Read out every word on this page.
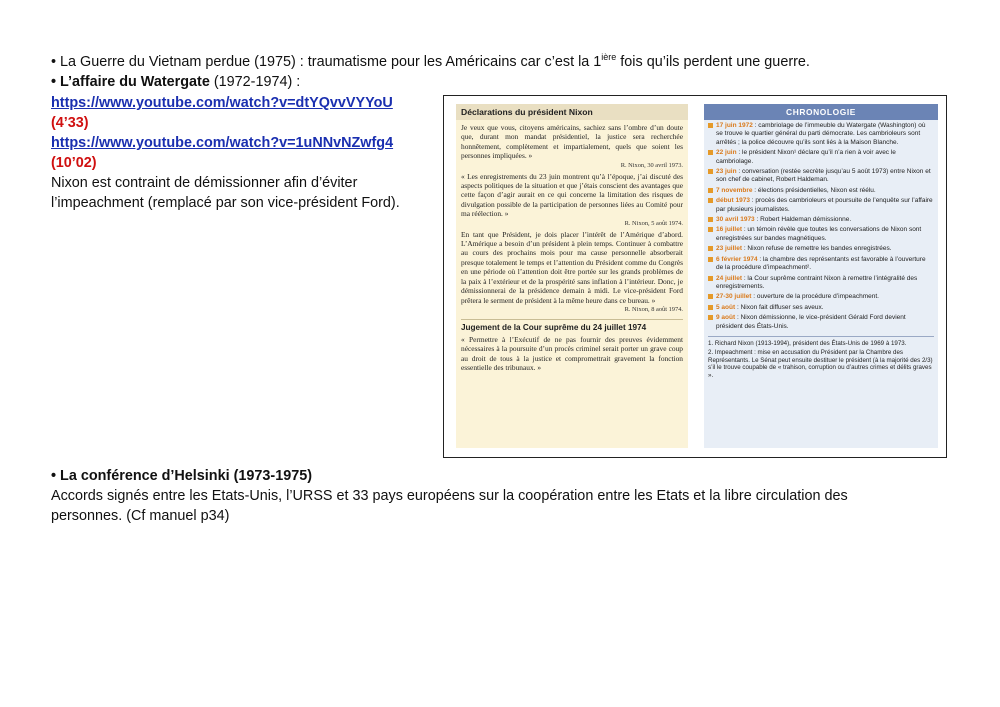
• La Guerre du Vietnam perdue (1975) : traumatisme pour les Américains car c’est la $1^{ière}$ fois qu’ils perdent une guerre.
• L’affaire du Watergate (1972-1974) :
https://www.youtube.com/watch?v=dtYQvvVYYoU
(4’33)
https://www.youtube.com/watch?v=1uNNvNZwfg4
(10’02)
Nixon est contraint de démissionner afin d’éviter
l’impeachment (remplacé par son vice-président Ford).
Déclarations du président Nixon
Je veux que vous, citoyens américains, sachiez sans l’ombre d’un doute que, durant mon mandat présidentiel, la justice sera recherchée honnêtement, complètement et impartialement, quels que soient les personnes impliquées. »
R. Nixon, 30 avril 1973.
« Les enregistrements du 23 juin montrent qu’à l’époque, j’ai discuté des aspects politiques de la situation et que j’étais conscient des avantages que cette façon d’agir aurait en ce qui concerne la limitation des risques de divulgation possible de la participation de personnes liées au Comité pour ma réélection. »
R. Nixon, 5 août 1974.
En tant que Président, je dois placer l’intérêt de l’Amérique d’abord. L’Amérique a besoin d’un président à plein temps. Continuer à combattre au cours des prochains mois pour ma cause personnelle absorberait presque totalement le temps et l’attention du Président comme du Congrès en une période où l’attention doit être portée sur les grands problèmes de la paix à l’extérieur et de la prospérité sans inflation à l’intérieur. Donc, je démissionnerai de la présidence demain à midi. Le vice-président Ford prêtera le serment de président à la même heure dans ce bureau. »
R. Nixon, 8 août 1974.
Jugement de la Cour suprême du 24 juillet 1974
« Permettre à l’Exécutif de ne pas fournir des preuves évidemment nécessaires à la poursuite d’un procès criminel serait porter un grave coup au droit de tous à la justice et compromettrait gravement la fonction essentielle des tribunaux. »
CHRONOLOGIE
17 juin 1972 : cambriolage de l’immeuble du Watergate (Washington) où se trouve le quartier général du parti démocrate. Les cambrioleurs sont arrêtés ; la police découvre qu’ils sont liés à la Maison Blanche.
22 juin : le président Nixon¹ déclare qu’il n’a rien à voir avec le cambriolage.
23 juin : conversation (restée secrète jusqu’au 5 août 1973) entre Nixon et son chef de cabinet, Robert Haldeman.
7 novembre : élections présidentielles, Nixon est réélu.
début 1973 : procès des cambrioleurs et poursuite de l’enquête sur l’affaire par plusieurs journalistes.
30 avril 1973 : Robert Haldeman démissionne.
16 juillet : un témoin révèle que toutes les conversations de Nixon sont enregistrées sur bandes magnétiques.
23 juillet : Nixon refuse de remettre les bandes enregistrées.
6 février 1974 : la chambre des représentants est favorable à l’ouverture de la procédure d’impeachment².
24 juillet : la Cour suprême contraint Nixon à remettre l’intégralité des enregistrements.
27-30 juillet : ouverture de la procédure d’impeachment.
5 août : Nixon fait diffuser ses aveux.
9 août : Nixon démissionne, le vice-président Gérald Ford devient président des États-Unis.
1. Richard Nixon (1913-1994), président des États-Unis de 1969 à 1973.
2. Impeachment : mise en accusation du Président par la Chambre des Représentants. Le Sénat peut ensuite destituer le président (à la majorité des 2/3) s’il le trouve coupable de « trahison, corruption ou d’autres crimes et délits graves ».
• La conférence d’Helsinki (1973-1975)
Accords signés entre les Etats-Unis, l’URSS et 33 pays européens sur la coopération entre les Etats et la libre circulation des
personnes. (Cf manuel p34)
